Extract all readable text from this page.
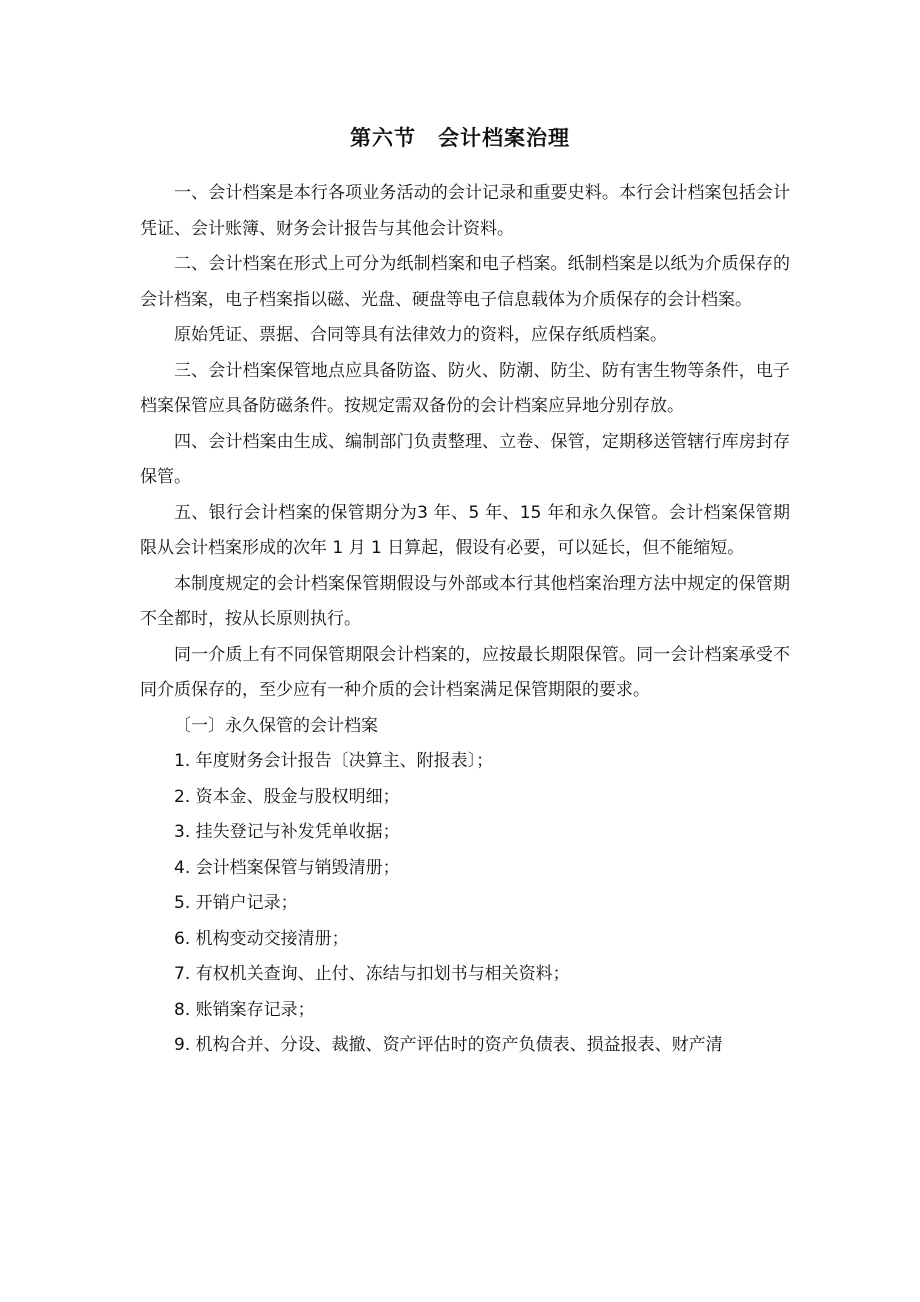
第六节　会计档案治理

一、会计档案是本行各项业务活动的会计记录和重要史料。本行会计档案包括会计凭证、会计账簿、财务会计报告与其他会计资料。

二、会计档案在形式上可分为纸制档案和电子档案。纸制档案是以纸为介质保存的会计档案，电子档案指以磁、光盘、硬盘等电子信息载体为介质保存的会计档案。

原始凭证、票据、合同等具有法律效力的资料，应保存纸质档案。

三、会计档案保管地点应具备防盗、防火、防潮、防尘、防有害生物等条件，电子档案保管应具备防磁条件。按规定需双备份的会计档案应异地分别存放。

四、会计档案由生成、编制部门负责整理、立卷、保管，定期移送管辖行库房封存保管。

五、银行会计档案的保管期分为3 年、5 年、15 年和永久保管。会计档案保管期限从会计档案形成的次年 1 月 1 日算起，假设有必要，可以延长，但不能缩短。

本制度规定的会计档案保管期假设与外部或本行其他档案治理方法中规定的保管期不全都时，按从长原则执行。

同一介质上有不同保管期限会计档案的，应按最长期限保管。同一会计档案承受不同介质保存的，至少应有一种介质的会计档案满足保管期限的要求。

〔一〕永久保管的会计档案

1. 年度财务会计报告〔决算主、附报表〕；

2. 资本金、股金与股权明细；

3. 挂失登记与补发凭单收据；

4. 会计档案保管与销毁清册；

5. 开销户记录；

6. 机构变动交接清册；

7. 有权机关查询、止付、冻结与扣划书与相关资料；

8. 账销案存记录；

9. 机构合并、分设、裁撤、资产评估时的资产负债表、损益报表、财产清
